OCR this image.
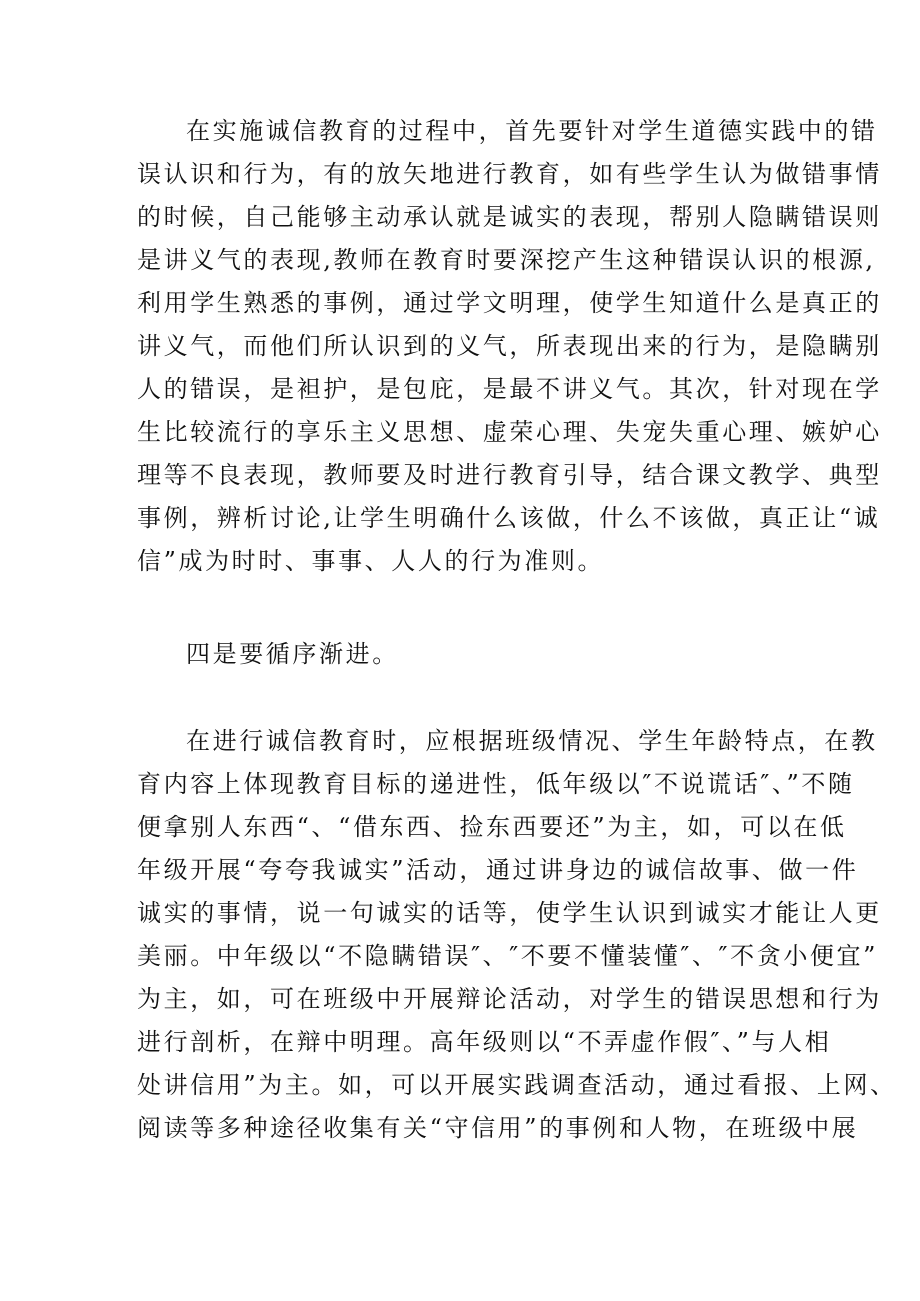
在实施诚信教育的过程中，首先要针对学生道德实践中的错
误认识和行为，有的放矢地进行教育，如有些学生认为做错事情
的时候，自己能够主动承认就是诚实的表现，帮别人隐瞒错误则
是讲义气的表现,教师在教育时要深挖产生这种错误认识的根源,
利用学生熟悉的事例，通过学文明理，使学生知道什么是真正的
讲义气，而他们所认识到的义气，所表现出来的行为，是隐瞒别
人的错误，是袒护，是包庇，是最不讲义气。其次，针对现在学
生比较流行的享乐主义思想、虚荣心理、失宠失重心理、嫉妒心
理等不良表现，教师要及时进行教育引导，结合课文教学、典型
事例，辨析讨论,让学生明确什么该做，什么不该做，真正让“诚
信”成为时时、事事、人人的行为准则。
四是要循序渐进。
在进行诚信教育时，应根据班级情况、学生年龄特点，在教
育内容上体现教育目标的递进性，低年级以″不说谎话″、”不随
便拿别人东西“、“借东西、捡东西要还”为主，如，可以在低
年级开展“夸夸我诚实”活动，通过讲身边的诚信故事、做一件
诚实的事情，说一句诚实的话等，使学生认识到诚实才能让人更
美丽。中年级以“不隐瞒错误″、″不要不懂装懂″、″不贪小便宜”
为主，如，可在班级中开展辩论活动，对学生的错误思想和行为
进行剖析，在辩中明理。高年级则以“不弄虚作假″、”与人相
处讲信用”为主。如，可以开展实践调查活动，通过看报、上网、
阅读等多种途径收集有关“守信用”的事例和人物，在班级中展
